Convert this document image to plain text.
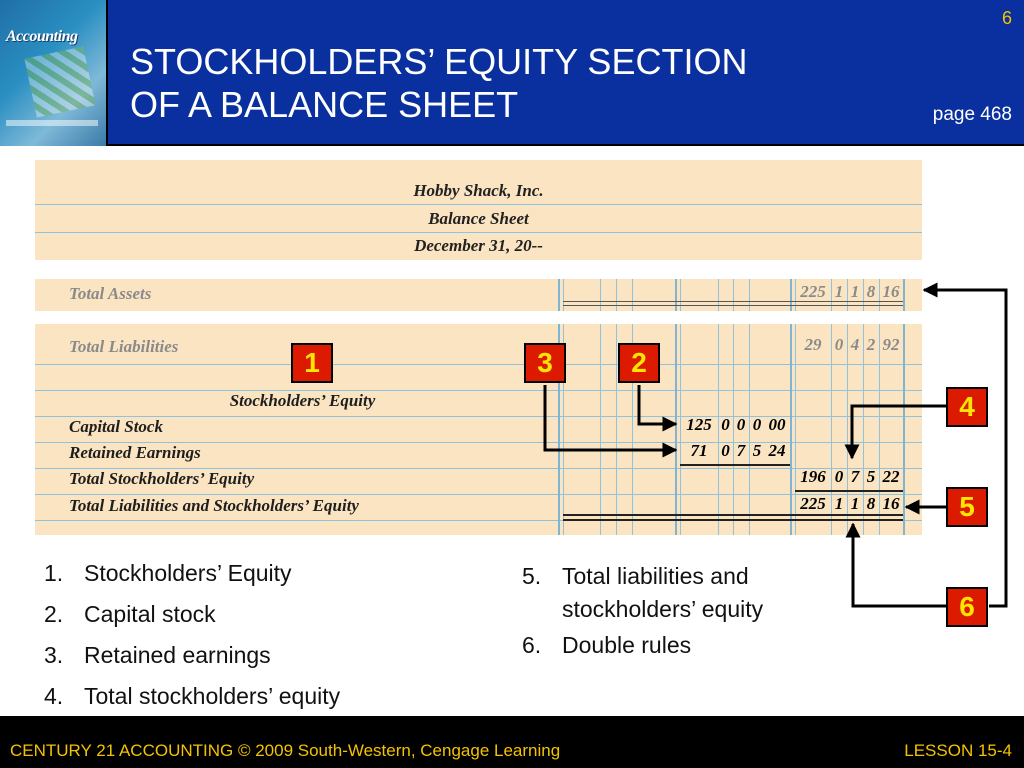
Accounting
STOCKHOLDERS’ EQUITY SECTION
OF A BALANCE SHEET
6
page 468
Hobby Shack, Inc.
Balance Sheet
December 31, 20--
Total Assets	225 1 1 8 16
Total Liabilities	29 0 4 2 92
Stockholders’ Equity
Capital Stock	125 0 0 0 00
Retained Earnings	71 0 7 5 24
Total Stockholders’ Equity	196 0 7 5 22
Total Liabilities and Stockholders’ Equity	225 1 1 8 16
1	3	2
4
5
6
1. Stockholders’ Equity
2. Capital stock
3. Retained earnings
4. Total stockholders’ equity
5. Total liabilities and stockholders’ equity
6. Double rules
CENTURY 21 ACCOUNTING © 2009 South-Western, Cengage Learning	LESSON 15-4
